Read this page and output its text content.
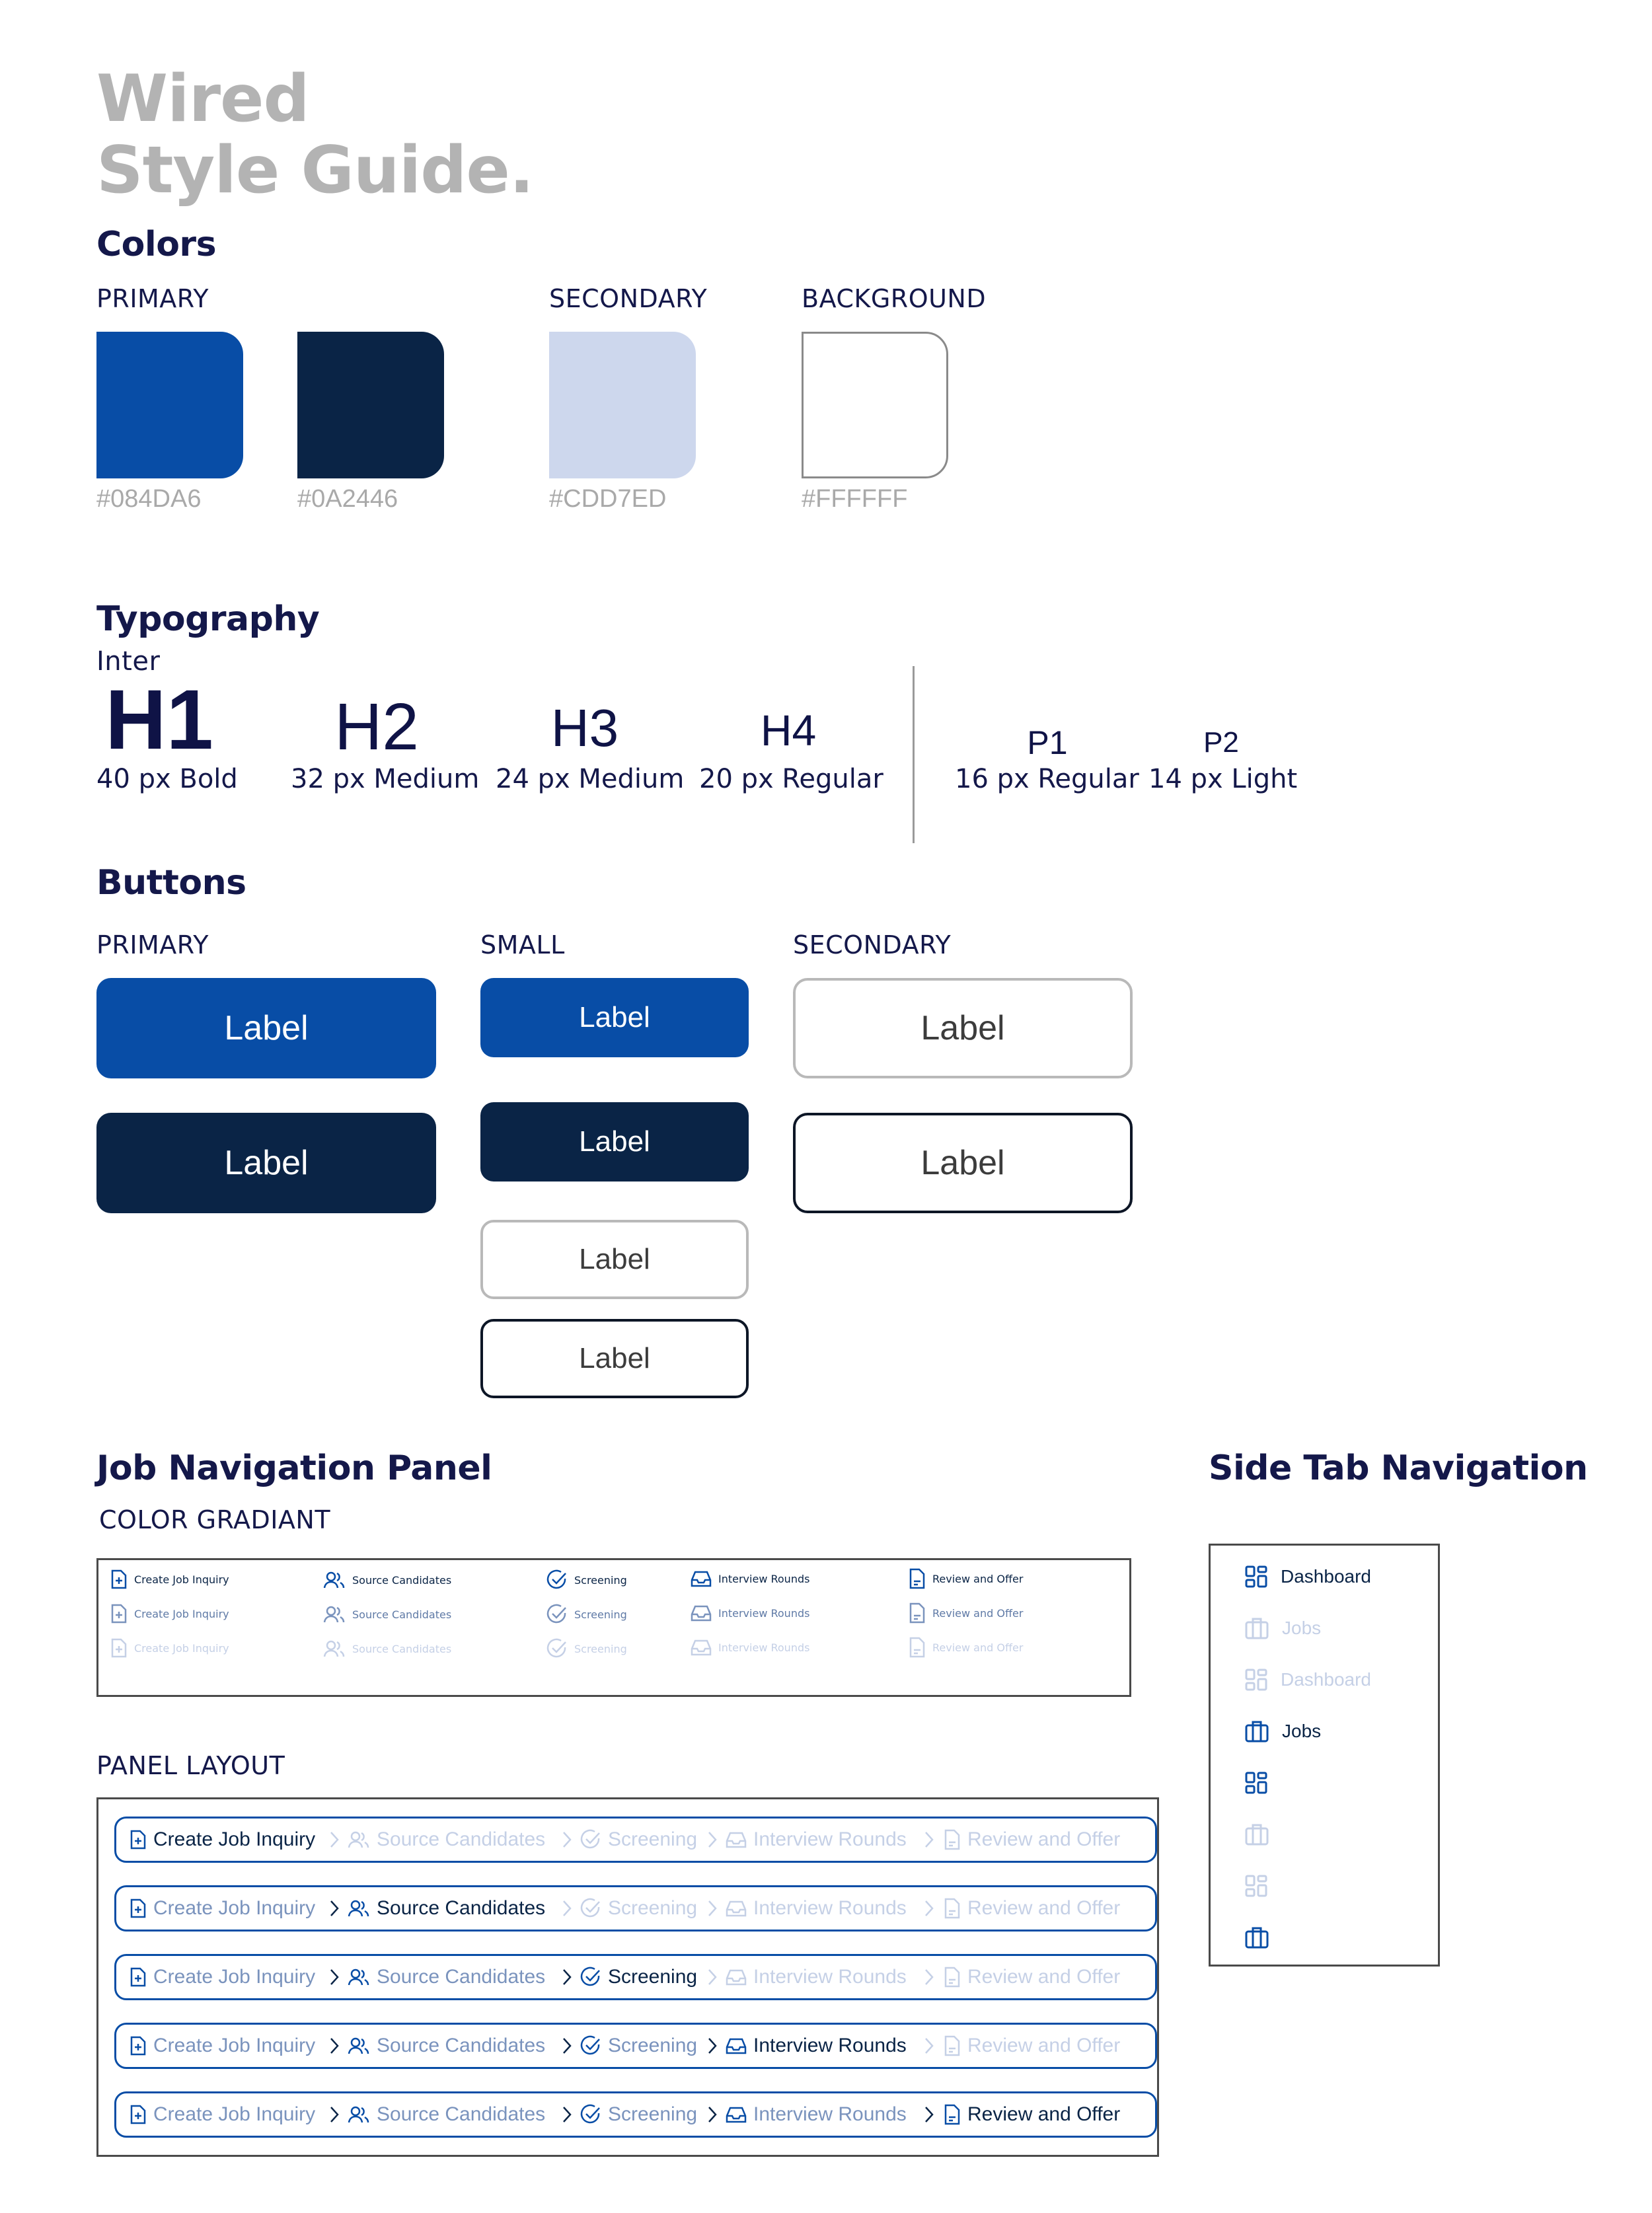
Wired
Style Guide.
Colors
PRIMARY	SECONDARY	BACKGROUND
#084DA6	#0A2446	#CDD7ED	#FFFFFF
Typography
Inter
H1
40 px Bold
H2
32 px Medium
H3
24 px Medium
H4
20 px Regular
P1
16 px Regular
P2
14 px Light
Buttons
PRIMARY	SMALL	SECONDARY
Label
Label
Label
Label
Label
Label
Label
Label
Job Navigation Panel
COLOR GRADIANT
Create Job Inquiry	Source Candidates	Screening	Interview Rounds	Review and Offer
Create Job Inquiry	Source Candidates	Screening	Interview Rounds	Review and Offer
Create Job Inquiry	Source Candidates	Screening	Interview Rounds	Review and Offer
PANEL LAYOUT
Create Job Inquiry	Source Candidates	Screening	Interview Rounds	Review and Offer
Create Job Inquiry	Source Candidates	Screening	Interview Rounds	Review and Offer
Create Job Inquiry	Source Candidates	Screening	Interview Rounds	Review and Offer
Create Job Inquiry	Source Candidates	Screening	Interview Rounds	Review and Offer
Create Job Inquiry	Source Candidates	Screening	Interview Rounds	Review and Offer
Side Tab Navigation
Dashboard
Jobs
Dashboard
Jobs
